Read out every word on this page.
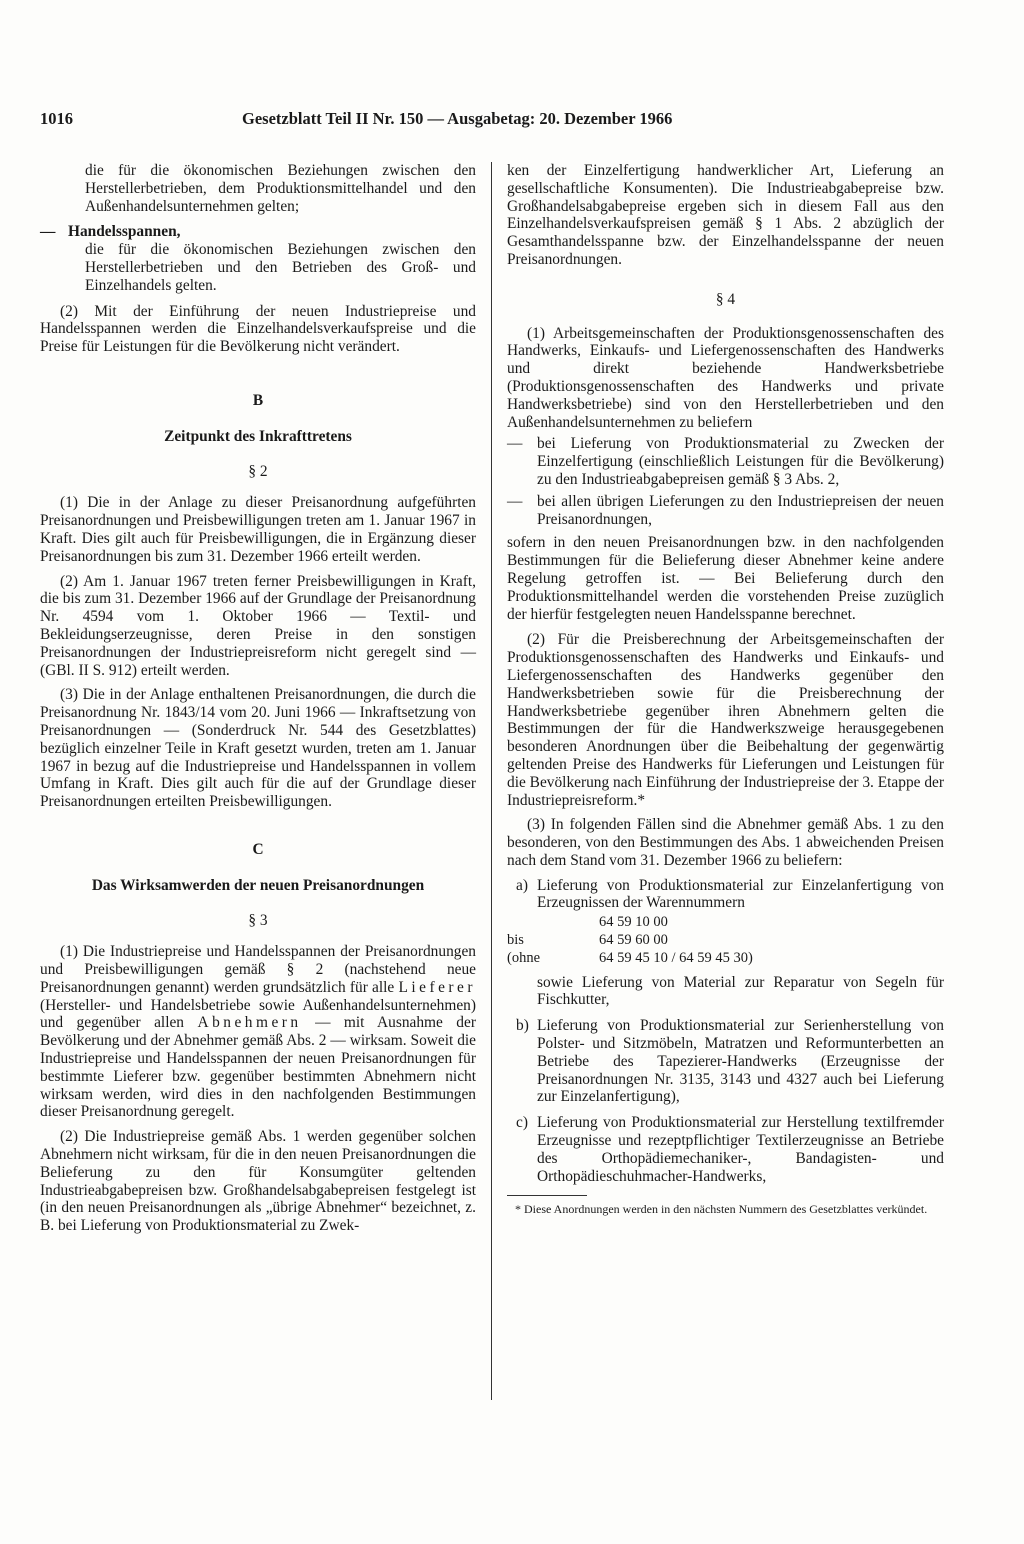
1016	Gesetzblatt Teil II Nr. 150 — Ausgabetag: 20. Dezember 1966

die für die ökonomischen Beziehungen zwischen den Herstellerbetrieben, dem Produktionsmittelhandel und den Außenhandelsunternehmen gelten;

— Handelsspannen,

die für die ökonomischen Beziehungen zwischen den Herstellerbetrieben und den Betrieben des Groß- und Einzelhandels gelten.

(2) Mit der Einführung der neuen Industriepreise und Handelsspannen werden die Einzelhandelsverkaufspreise und die Preise für Leistungen für die Bevölkerung nicht verändert.

B

Zeitpunkt des Inkrafttretens

§ 2

(1) Die in der Anlage zu dieser Preisanordnung aufgeführten Preisanordnungen und Preisbewilligungen treten am 1. Januar 1967 in Kraft. Dies gilt auch für Preisbewilligungen, die in Ergänzung dieser Preisanordnungen bis zum 31. Dezember 1966 erteilt werden.

(2) Am 1. Januar 1967 treten ferner Preisbewilligungen in Kraft, die bis zum 31. Dezember 1966 auf der Grundlage der Preisanordnung Nr. 4594 vom 1. Oktober 1966 — Textil- und Bekleidungserzeugnisse, deren Preise in den sonstigen Preisanordnungen der Industriepreisreform nicht geregelt sind — (GBl. II S. 912) erteilt werden.

(3) Die in der Anlage enthaltenen Preisanordnungen, die durch die Preisanordnung Nr. 1843/14 vom 20. Juni 1966 — Inkraftsetzung von Preisanordnungen — (Sonderdruck Nr. 544 des Gesetzblattes) bezüglich einzelner Teile in Kraft gesetzt wurden, treten am 1. Januar 1967 in bezug auf die Industriepreise und Handelsspannen in vollem Umfang in Kraft. Dies gilt auch für die auf der Grundlage dieser Preisanordnungen erteilten Preisbewilligungen.

C

Das Wirksamwerden der neuen Preisanordnungen

§ 3

(1) Die Industriepreise und Handelsspannen der Preisanordnungen und Preisbewilligungen gemäß § 2 (nachstehend neue Preisanordnungen genannt) werden grundsätzlich für alle Lieferer (Hersteller- und Handelsbetriebe sowie Außenhandelsunternehmen) und gegenüber allen Abnehmern — mit Ausnahme der Bevölkerung und der Abnehmer gemäß Abs. 2 — wirksam. Soweit die Industriepreise und Handelsspannen der neuen Preisanordnungen für bestimmte Lieferer bzw. gegenüber bestimmten Abnehmern nicht wirksam werden, wird dies in den nachfolgenden Bestimmungen dieser Preisanordnung geregelt.

(2) Die Industriepreise gemäß Abs. 1 werden gegenüber solchen Abnehmern nicht wirksam, für die in den neuen Preisanordnungen die Belieferung zu den für Konsumgüter geltenden Industrieabgabepreisen bzw. Großhandelsabgabepreisen festgelegt ist (in den neuen Preisanordnungen als „übrige Abnehmer“ bezeichnet, z. B. bei Lieferung von Produktionsmaterial zu Zwek-

ken der Einzelfertigung handwerklicher Art, Lieferung an gesellschaftliche Konsumenten). Die Industrieabgabepreise bzw. Großhandelsabgabepreise ergeben sich in diesem Fall aus den Einzelhandelsverkaufspreisen gemäß § 1 Abs. 2 abzüglich der Gesamthandelsspanne bzw. der Einzelhandelsspanne der neuen Preisanordnungen.

§ 4

(1) Arbeitsgemeinschaften der Produktionsgenossenschaften des Handwerks, Einkaufs- und Liefergenossenschaften des Handwerks und direkt beziehende Handwerksbetriebe (Produktionsgenossenschaften des Handwerks und private Handwerksbetriebe) sind von den Herstellerbetrieben und den Außenhandelsunternehmen zu beliefern

— bei Lieferung von Produktionsmaterial zu Zwecken der Einzelfertigung (einschließlich Leistungen für die Bevölkerung) zu den Industrieabgabepreisen gemäß § 3 Abs. 2,

— bei allen übrigen Lieferungen zu den Industriepreisen der neuen Preisanordnungen,

sofern in den neuen Preisanordnungen bzw. in den nachfolgenden Bestimmungen für die Belieferung dieser Abnehmer keine andere Regelung getroffen ist. — Bei Belieferung durch den Produktionsmittelhandel werden die vorstehenden Preise zuzüglich der hierfür festgelegten neuen Handelsspanne berechnet.

(2) Für die Preisberechnung der Arbeitsgemeinschaften der Produktionsgenossenschaften des Handwerks und Einkaufs- und Liefergenossenschaften des Handwerks gegenüber den Handwerksbetrieben sowie für die Preisberechnung der Handwerksbetriebe gegenüber ihren Abnehmern gelten die Bestimmungen der für die Handwerkszweige herausgegebenen besonderen Anordnungen über die Beibehaltung der gegenwärtig geltenden Preise des Handwerks für Lieferungen und Leistungen für die Bevölkerung nach Einführung der Industriepreise der 3. Etappe der Industriepreisreform.*

(3) In folgenden Fällen sind die Abnehmer gemäß Abs. 1 zu den besonderen, von den Bestimmungen des Abs. 1 abweichenden Preisen nach dem Stand vom 31. Dezember 1966 zu beliefern:

a) Lieferung von Produktionsmaterial zur Einzelanfertigung von Erzeugnissen der Warennummern

64 59 10 00
bis	64 59 60 00
(ohne	64 59 45 10 / 64 59 45 30)

sowie Lieferung von Material zur Reparatur von Segeln für Fischkutter,

b) Lieferung von Produktionsmaterial zur Serienherstellung von Polster- und Sitzmöbeln, Matratzen und Reformunterbetten an Betriebe des Tapezierer-Handwerks (Erzeugnisse der Preisanordnungen Nr. 3135, 3143 und 4327 auch bei Lieferung zur Einzelanfertigung),

c) Lieferung von Produktionsmaterial zur Herstellung textilfremder Erzeugnisse und rezeptpflichtiger Textilerzeugnisse an Betriebe des Orthopädiemechaniker-, Bandagisten- und Orthopädieschuhmacher-Handwerks,

* Diese Anordnungen werden in den nächsten Nummern des Gesetzblattes verkündet.
